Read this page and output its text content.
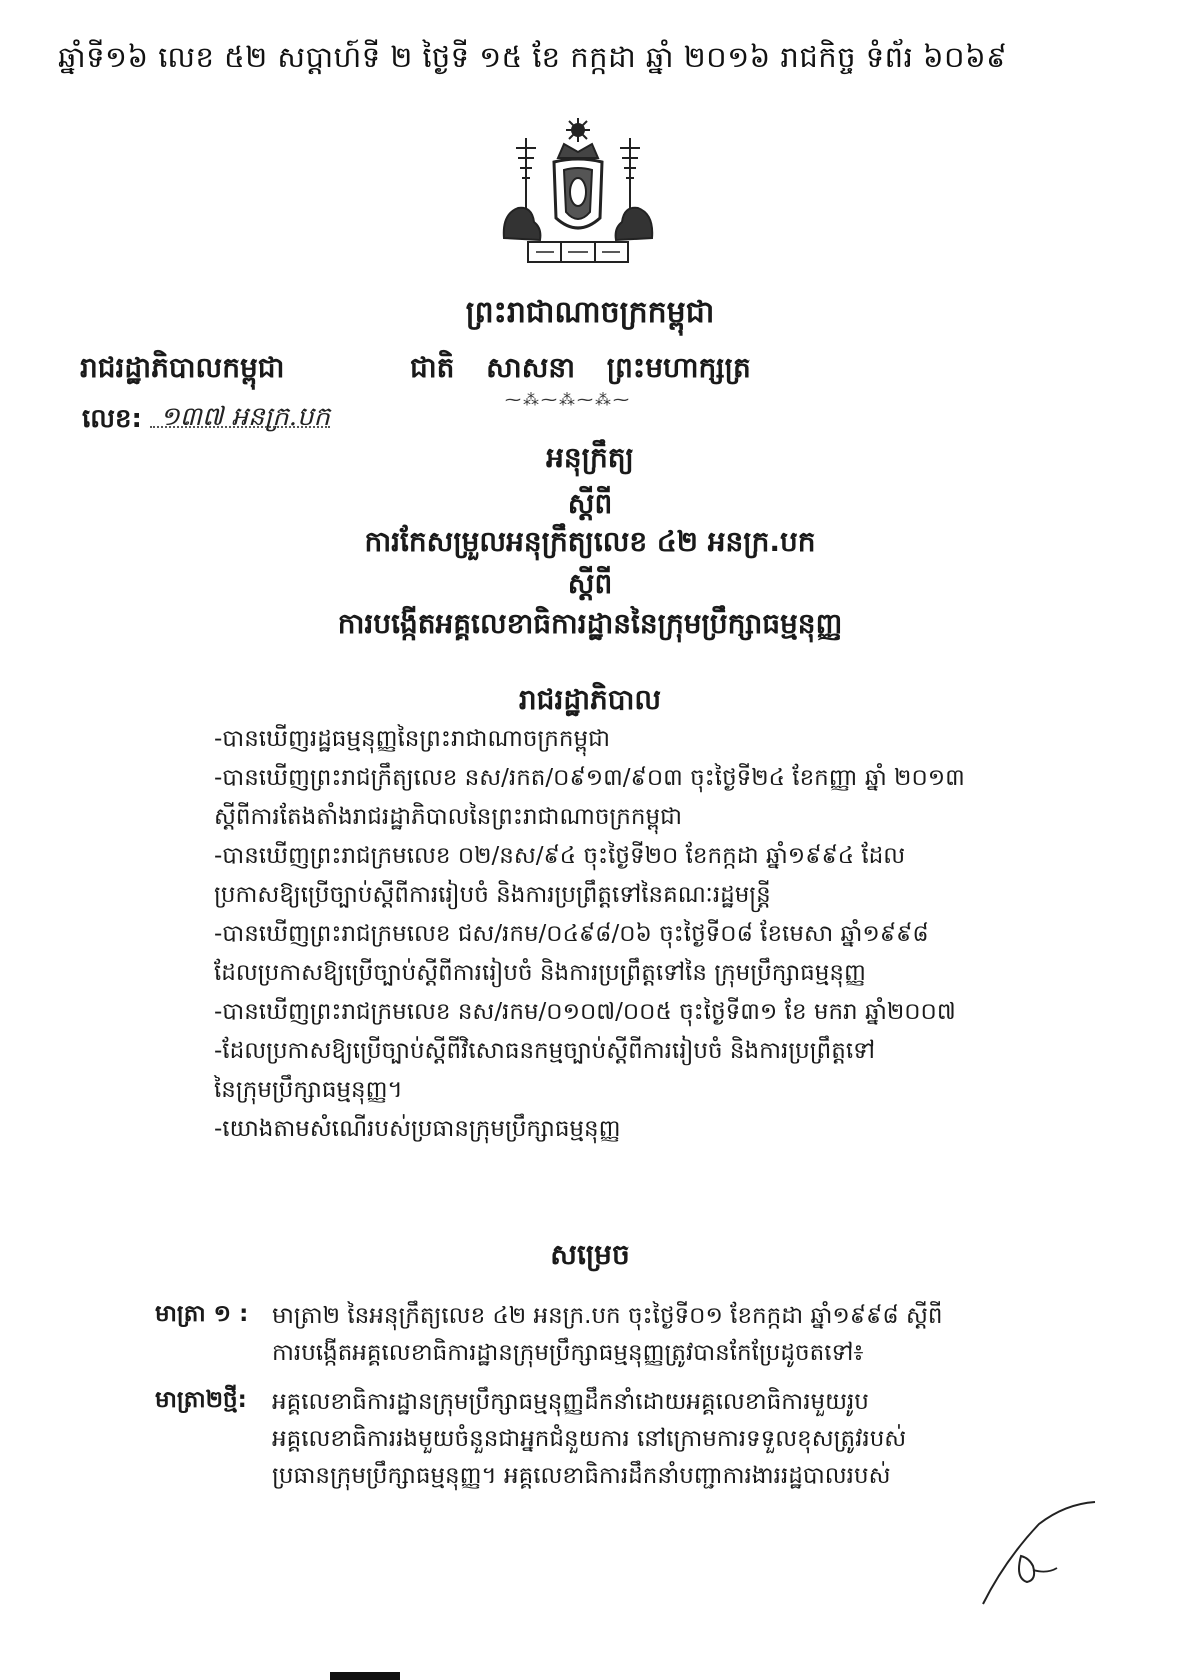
ឆ្នាំទី១៦ លេខ ៥២ សប្តាហ៍ទី ២ ថ្ងៃទី ១៥ ខែ កក្កដា ឆ្នាំ ២០១៦ រាជកិច្ច ទំព័រ ៦០៦៩
ព្រះរាជាណាចក្រកម្ពុជា
រាជរដ្ឋាភិបាលកម្ពុជា	ជាតិ សាសនា ព្រះមហាក្សត្រ
⁓⁂⁓⁂⁓⁂⁓
លេខ: ១៣៧ អនក្រ.បក
អនុក្រឹត្យ
ស្តីពី
ការកែសម្រួលអនុក្រឹត្យលេខ ៤២ អនក្រ.បក
ស្តីពី
ការបង្កើតអគ្គលេខាធិការដ្ឋាននៃក្រុមប្រឹក្សាធម្មនុញ្ញ
រាជរដ្ឋាភិបាល
-បានឃើញរដ្ឋធម្មនុញ្ញនៃព្រះរាជាណាចក្រកម្ពុជា
-បានឃើញព្រះរាជក្រឹត្យលេខ នស/រកត/០៩១៣/៩០៣ ចុះថ្ងៃទី២៤ ខែកញ្ញា ឆ្នាំ ២០១៣
ស្តីពីការតែងតាំងរាជរដ្ឋាភិបាលនៃព្រះរាជាណាចក្រកម្ពុជា
-បានឃើញព្រះរាជក្រមលេខ ០២/នស/៩៤ ចុះថ្ងៃទី២០ ខែកក្កដា ឆ្នាំ១៩៩៤ ដែល
ប្រកាសឱ្យប្រើច្បាប់ស្តីពីការរៀបចំ និងការប្រព្រឹត្តទៅនៃគណៈរដ្ឋមន្ត្រី
-បានឃើញព្រះរាជក្រមលេខ ជស/រកម/០៤៩៨/០៦ ចុះថ្ងៃទី០៨ ខែមេសា ឆ្នាំ១៩៩៨
ដែលប្រកាសឱ្យប្រើច្បាប់ស្តីពីការរៀបចំ និងការប្រព្រឹត្តទៅនៃ ក្រុមប្រឹក្សាធម្មនុញ្ញ
-បានឃើញព្រះរាជក្រមលេខ នស/រកម/០១០៧/០០៥ ចុះថ្ងៃទី៣១ ខែ មករា ឆ្នាំ២០០៧
-ដែលប្រកាសឱ្យប្រើច្បាប់ស្តីពីវិសោធនកម្មច្បាប់ស្តីពីការរៀបចំ និងការប្រព្រឹត្តទៅ
នៃក្រុមប្រឹក្សាធម្មនុញ្ញ។
-យោងតាមសំណើរបស់ប្រធានក្រុមប្រឹក្សាធម្មនុញ្ញ
សម្រេច
មាត្រា ១ : មាត្រា២ នៃអនុក្រឹត្យលេខ ៤២ អនក្រ.បក ចុះថ្ងៃទី០១ ខែកក្កដា ឆ្នាំ១៩៩៨ ស្តីពី
ការបង្កើតអគ្គលេខាធិការដ្ឋានក្រុមប្រឹក្សាធម្មនុញ្ញត្រូវបានកែប្រែដូចតទៅ៖
មាត្រា២ថ្មី: អគ្គលេខាធិការដ្ឋានក្រុមប្រឹក្សាធម្មនុញ្ញដឹកនាំដោយអគ្គលេខាធិការមួយរូប
អគ្គលេខាធិការរងមួយចំនួនជាអ្នកជំនួយការ នៅក្រោមការទទួលខុសត្រូវរបស់
ប្រធានក្រុមប្រឹក្សាធម្មនុញ្ញ។ អគ្គលេខាធិការដឹកនាំបញ្ជាការងាររដ្ឋបាលរបស់
